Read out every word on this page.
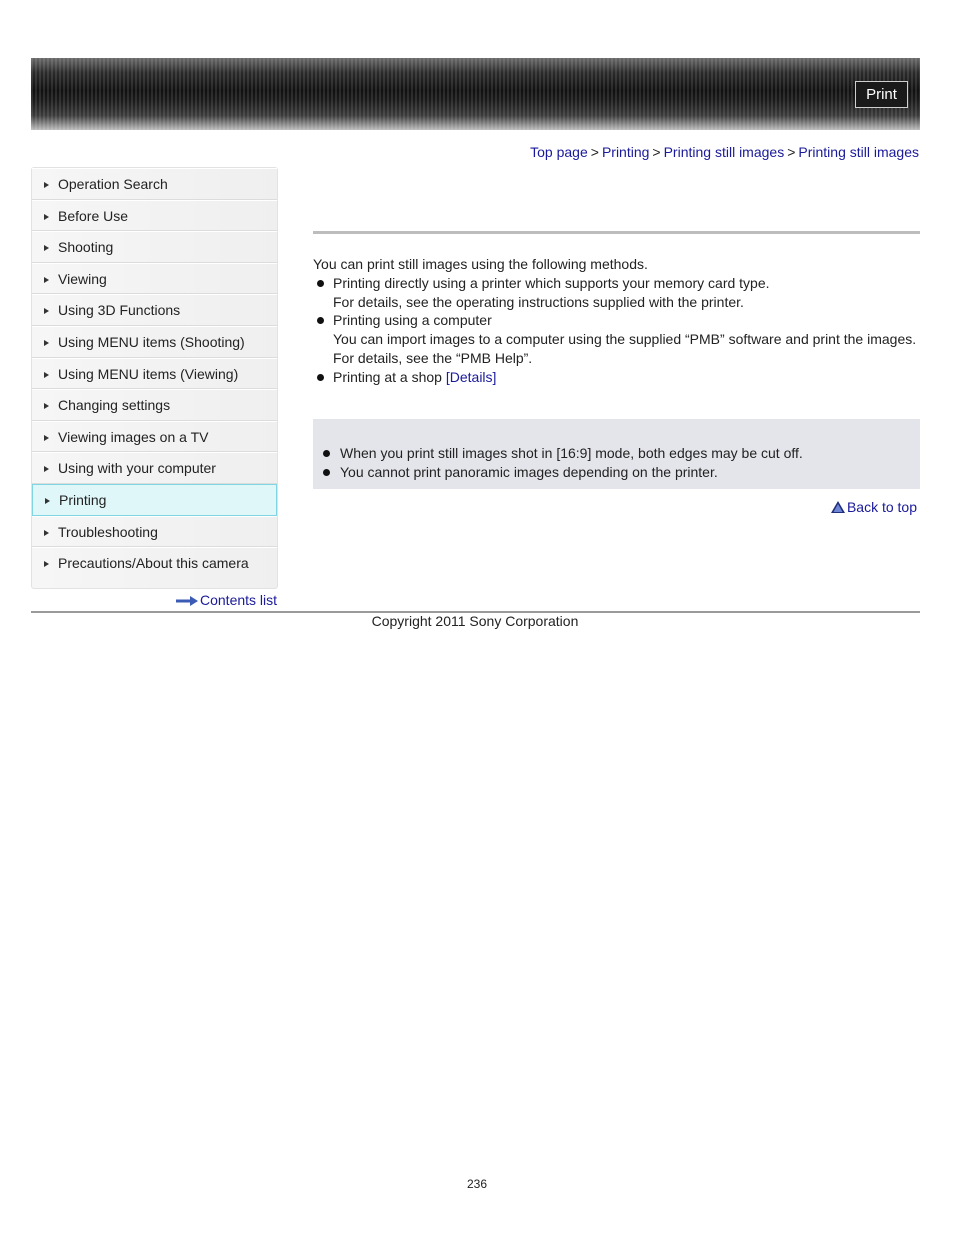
Print
Top page > Printing > Printing still images > Printing still images
Operation Search
Before Use
Shooting
Viewing
Using 3D Functions
Using MENU items (Shooting)
Using MENU items (Viewing)
Changing settings
Viewing images on a TV
Using with your computer
Printing
Troubleshooting
Precautions/About this camera
Contents list

You can print still images using the following methods.

Printing directly using a printer which supports your memory card type.
For details, see the operating instructions supplied with the printer.
Printing using a computer
You can import images to a computer using the supplied “PMB” software and print the images.
For details, see the “PMB Help”.
Printing at a shop [Details]
When you print still images shot in [16:9] mode, both edges may be cut off.
You cannot print panoramic images depending on the printer.
Back to top
Copyright 2011 Sony Corporation
236
